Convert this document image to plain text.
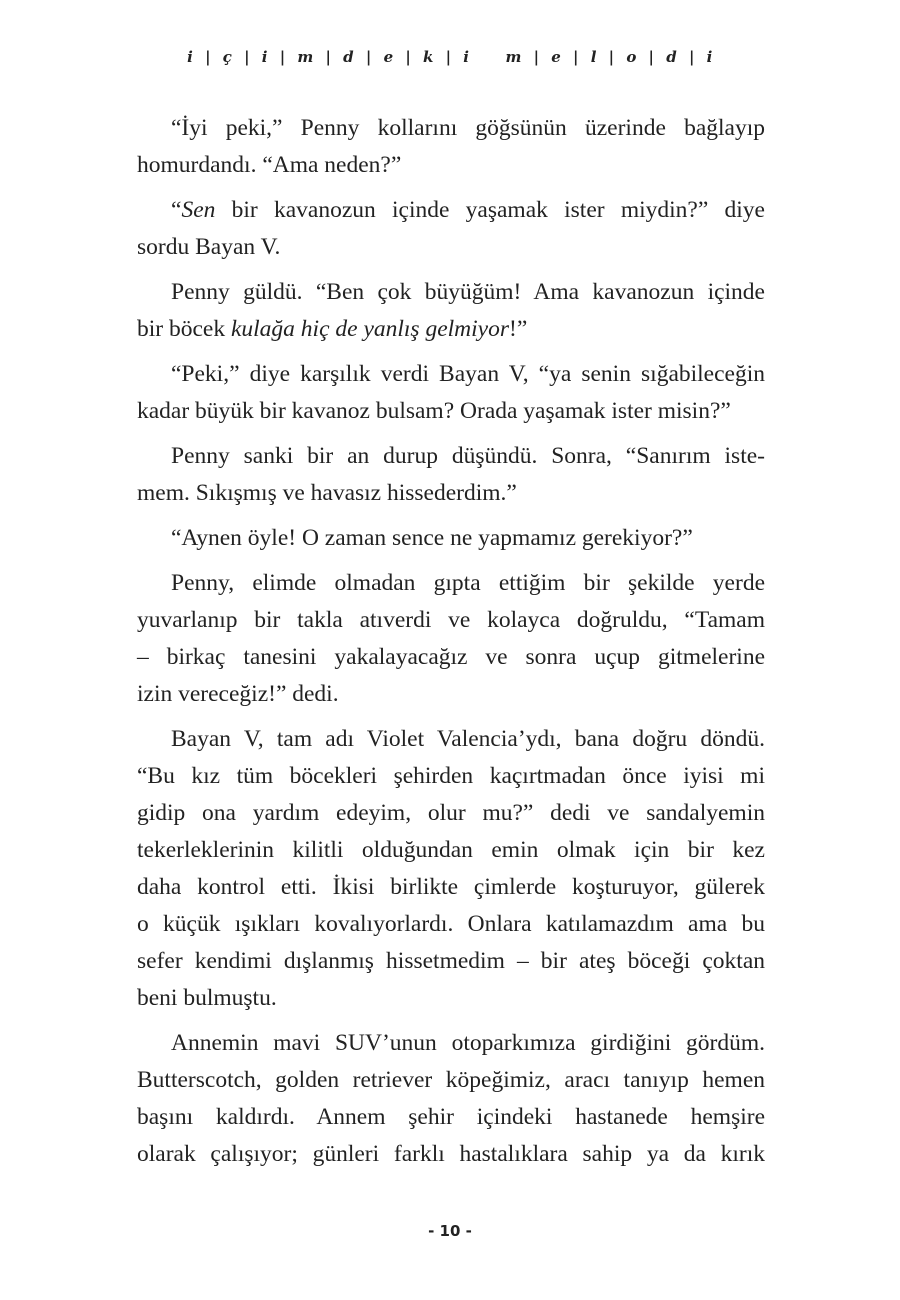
i | ç | i | m | d | e | k | i m | e | l | o | d | i
“İyi peki,” Penny kollarını göğsünün üzerinde bağlayıp
homurdandı. “Ama neden?”
“Sen bir kavanozun içinde yaşamak ister miydin?” diye
sordu Bayan V.
Penny güldü. “Ben çok büyüğüm! Ama kavanozun içinde
bir böcek kulağa hiç de yanlış gelmiyor!”
“Peki,” diye karşılık verdi Bayan V, “ya senin sığabileceğin
kadar büyük bir kavanoz bulsam? Orada yaşamak ister misin?”
Penny sanki bir an durup düşündü. Sonra, “Sanırım iste-
mem. Sıkışmış ve havasız hissederdim.”
“Aynen öyle! O zaman sence ne yapmamız gerekiyor?”
Penny, elimde olmadan gıpta ettiğim bir şekilde yerde
yuvarlanıp bir takla atıverdi ve kolayca doğruldu, “Tamam
– birkaç tanesini yakalayacağız ve sonra uçup gitmelerine
izin vereceğiz!” dedi.
Bayan V, tam adı Violet Valencia’ydı, bana doğru döndü.
“Bu kız tüm böcekleri şehirden kaçırtmadan önce iyisi mi
gidip ona yardım edeyim, olur mu?” dedi ve sandalyemin
tekerleklerinin kilitli olduğundan emin olmak için bir kez
daha kontrol etti. İkisi birlikte çimlerde koşturuyor, gülerek
o küçük ışıkları kovalıyorlardı. Onlara katılamazdım ama bu
sefer kendimi dışlanmış hissetmedim – bir ateş böceği çoktan
beni bulmuştu.
Annemin mavi SUV’unun otoparkımıza girdiğini gördüm.
Butterscotch, golden retriever köpeğimiz, aracı tanıyıp hemen
başını kaldırdı. Annem şehir içindeki hastanede hemşire
olarak çalışıyor; günleri farklı hastalıklara sahip ya da kırık
- 10 -
